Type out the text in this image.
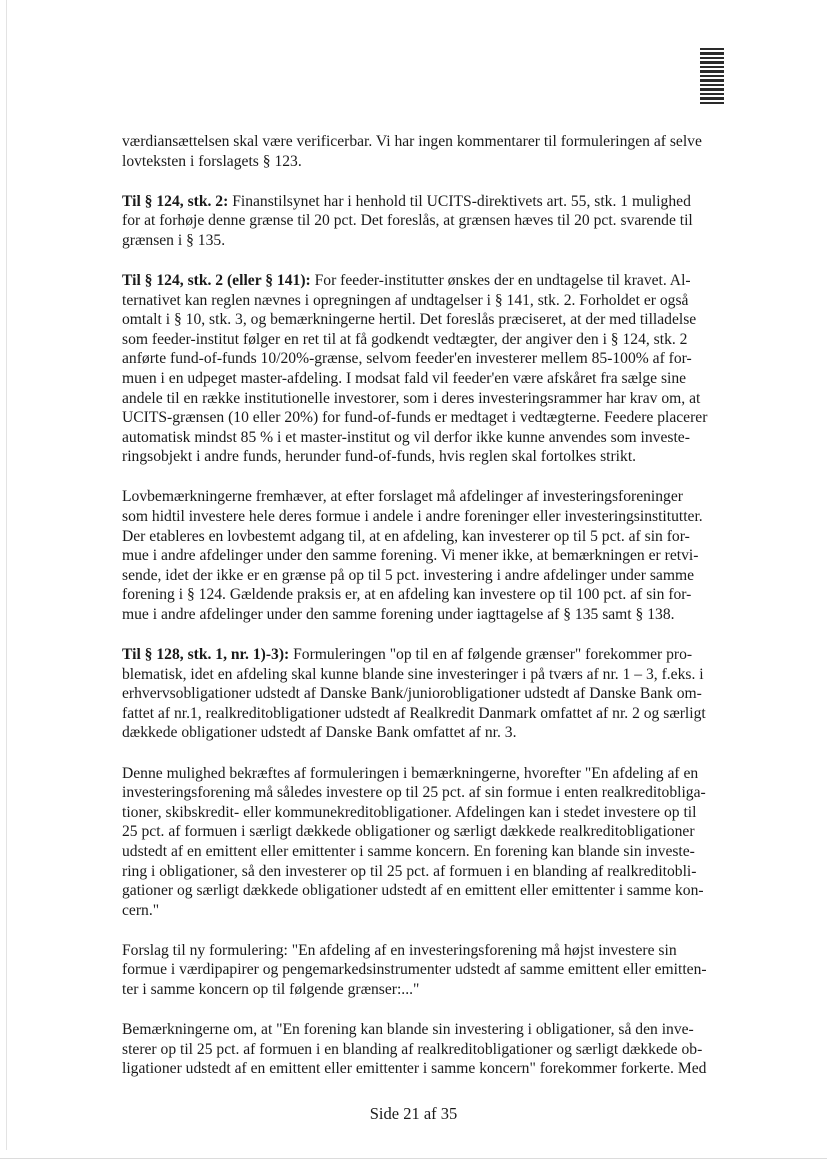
værdiansættelsen skal være verificerbar. Vi har ingen kommentarer til formuleringen af selve
lovteksten i forslagets § 123.

Til § 124, stk. 2: Finanstilsynet har i henhold til UCITS-direktivets art. 55, stk. 1 mulighed
for at forhøje denne grænse til 20 pct. Det foreslås, at grænsen hæves til 20 pct. svarende til
grænsen i § 135.

Til § 124, stk. 2 (eller § 141): For feeder-institutter ønskes der en undtagelse til kravet. Al-
ternativet kan reglen nævnes i opregningen af undtagelser i § 141, stk. 2. Forholdet er også
omtalt i § 10, stk. 3, og bemærkningerne hertil. Det foreslås præciseret, at der med tilladelse
som feeder-institut følger en ret til at få godkendt vedtægter, der angiver den i § 124, stk. 2
anførte fund-of-funds 10/20%-grænse, selvom feeder'en investerer mellem 85-100% af for-
muen i en udpeget master-afdeling. I modsat fald vil feeder'en være afskåret fra sælge sine
andele til en række institutionelle investorer, som i deres investeringsrammer har krav om, at
UCITS-grænsen (10 eller 20%) for fund-of-funds er medtaget i vedtægterne. Feedere placerer
automatisk mindst 85 % i et master-institut og vil derfor ikke kunne anvendes som investe-
ringsobjekt i andre funds, herunder fund-of-funds, hvis reglen skal fortolkes strikt.

Lovbemærkningerne fremhæver, at efter forslaget må afdelinger af investeringsforeninger
som hidtil investere hele deres formue i andele i andre foreninger eller investeringsinstitutter.
Der etableres en lovbestemt adgang til, at en afdeling, kan investerer op til 5 pct. af sin for-
mue i andre afdelinger under den samme forening. Vi mener ikke, at bemærkningen er retvi-
sende, idet der ikke er en grænse på op til 5 pct. investering i andre afdelinger under samme
forening i § 124. Gældende praksis er, at en afdeling kan investere op til 100 pct. af sin for-
mue i andre afdelinger under den samme forening under iagttagelse af § 135 samt § 138.

Til § 128, stk. 1, nr. 1)-3): Formuleringen "op til en af følgende grænser" forekommer pro-
blematisk, idet en afdeling skal kunne blande sine investeringer i på tværs af nr. 1 – 3, f.eks. i
erhvervsobligationer udstedt af Danske Bank/juniorobligationer udstedt af Danske Bank om-
fattet af nr.1, realkreditobligationer udstedt af Realkredit Danmark omfattet af nr. 2 og særligt
dækkede obligationer udstedt af Danske Bank omfattet af nr. 3.

Denne mulighed bekræftes af formuleringen i bemærkningerne, hvorefter "En afdeling af en
investeringsforening må således investere op til 25 pct. af sin formue i enten realkreditobliga-
tioner, skibskredit- eller kommunekreditobligationer. Afdelingen kan i stedet investere op til
25 pct. af formuen i særligt dækkede obligationer og særligt dækkede realkreditobligationer
udstedt af en emittent eller emittenter i samme koncern. En forening kan blande sin investe-
ring i obligationer, så den investerer op til 25 pct. af formuen i en blanding af realkreditobli-
gationer og særligt dækkede obligationer udstedt af en emittent eller emittenter i samme kon-
cern."

Forslag til ny formulering: "En afdeling af en investeringsforening må højst investere sin
formue i værdipapirer og pengemarkedsinstrumenter udstedt af samme emittent eller emitten-
ter i samme koncern op til følgende grænser:..."

Bemærkningerne om, at "En forening kan blande sin investering i obligationer, så den inve-
sterer op til 25 pct. af formuen i en blanding af realkreditobligationer og særligt dækkede ob-
ligationer udstedt af en emittent eller emittenter i samme koncern" forekommer forkerte. Med

Side 21 af 35
